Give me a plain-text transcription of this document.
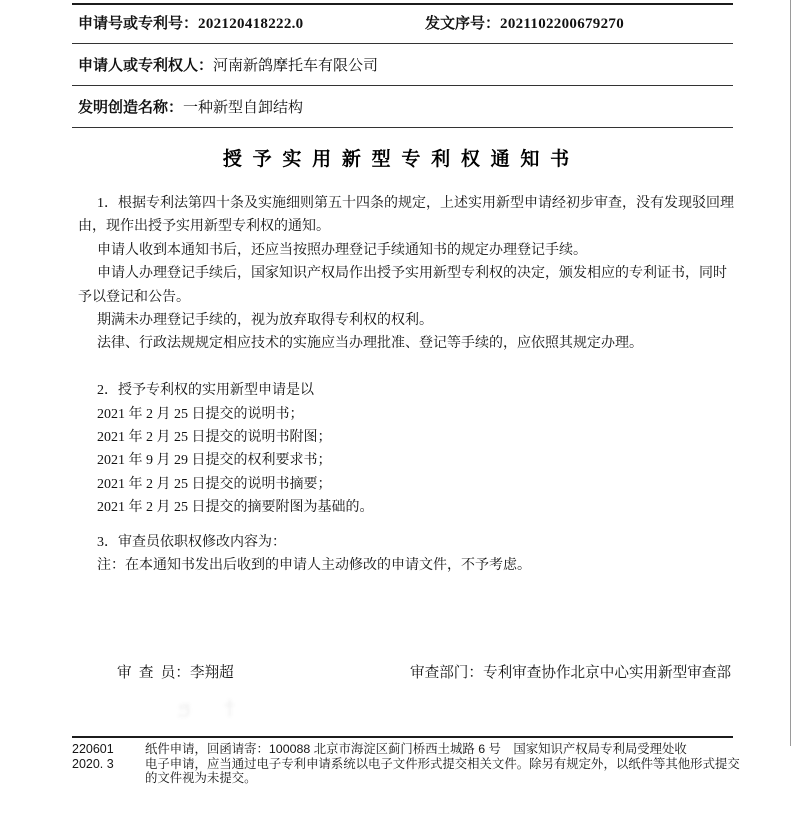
申请号或专利号：202120418222.0	发文序号：2021102200679270
申请人或专利权人：河南新鸽摩托车有限公司
发明创造名称：一种新型自卸结构
授 予 实 用 新 型 专 利 权 通 知 书

1．根据专利法第四十条及实施细则第五十四条的规定，上述实用新型申请经初步审查，没有发现驳回理由，现作出授予实用新型专利权的通知。

申请人收到本通知书后，还应当按照办理登记手续通知书的规定办理登记手续。

申请人办理登记手续后，国家知识产权局作出授予实用新型专利权的决定，颁发相应的专利证书，同时予以登记和公告。

期满未办理登记手续的，视为放弃取得专利权的权利。

法律、行政法规规定相应技术的实施应当办理批准、登记等手续的，应依照其规定办理。

2．授予专利权的实用新型申请是以

2021 年 2 月 25 日提交的说明书；

2021 年 2 月 25 日提交的说明书附图；

2021 年 9 月 29 日提交的权利要求书；

2021 年 2 月 25 日提交的说明书摘要；

2021 年 2 月 25 日提交的摘要附图为基础的。

3．审查员依职权修改内容为：

注：在本通知书发出后收到的申请人主动修改的申请文件，不予考虑。

审  查  员：李翔超	审查部门：专利审查协作北京中心实用新型审查部
ϧ ϯ
220601
2020. 3
纸件申请，回函请寄：100088 北京市海淀区蓟门桥西土城路 6 号　国家知识产权局专利局受理处收
电子申请，应当通过电子专利申请系统以电子文件形式提交相关文件。除另有规定外，以纸件等其他形式提交的文件视为未提交。
